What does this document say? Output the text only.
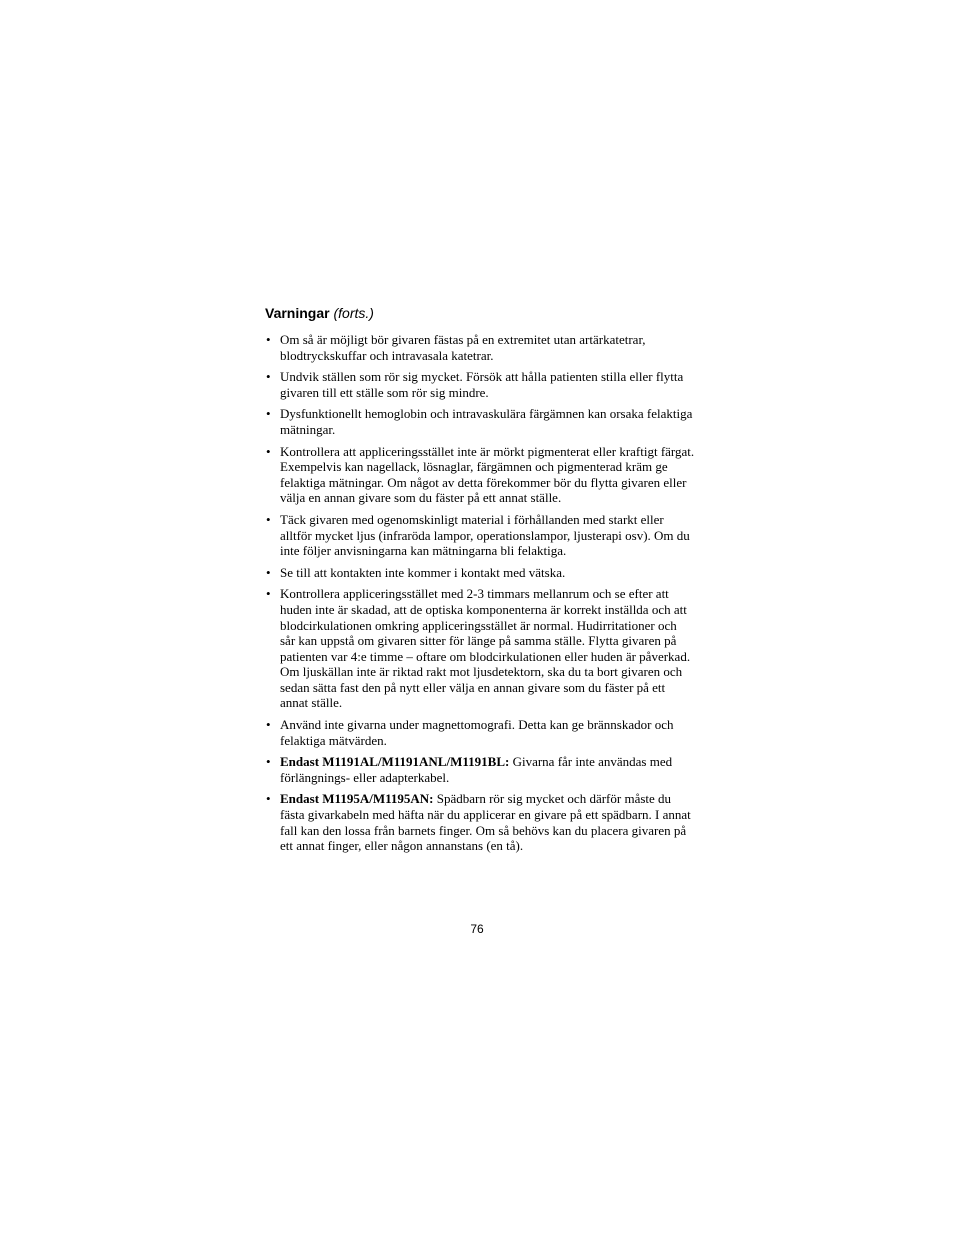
Varningar (forts.)
• Om så är möjligt bör givaren fästas på en extremitet utan artärkatetrar, blodtryckskuffar och intravasala katetrar.
• Undvik ställen som rör sig mycket. Försök att hålla patienten stilla eller flytta givaren till ett ställe som rör sig mindre.
• Dysfunktionellt hemoglobin och intravaskulära färgämnen kan orsaka felaktiga mätningar.
• Kontrollera att appliceringsstället inte är mörkt pigmenterat eller kraftigt färgat. Exempelvis kan nagellack, lösnaglar, färgämnen och pigmenterad kräm ge felaktiga mätningar. Om något av detta förekommer bör du flytta givaren eller välja en annan givare som du fäster på ett annat ställe.
• Täck givaren med ogenomskinligt material i förhållanden med starkt eller alltför mycket ljus (infraröda lampor, operationslampor, ljusterapi osv). Om du inte följer anvisningarna kan mätningarna bli felaktiga.
• Se till att kontakten inte kommer i kontakt med vätska.
• Kontrollera appliceringsstället med 2-3 timmars mellanrum och se efter att huden inte är skadad, att de optiska komponenterna är korrekt inställda och att blodcirkulationen omkring appliceringsstället är normal. Hudirritationer och sår kan uppstå om givaren sitter för länge på samma ställe. Flytta givaren på patienten var 4:e timme – oftare om blodcirkulationen eller huden är påverkad. Om ljuskällan inte är riktad rakt mot ljusdetektorn, ska du ta bort givaren och sedan sätta fast den på nytt eller välja en annan givare som du fäster på ett annat ställe.
• Använd inte givarna under magnettomografi. Detta kan ge brännskador och felaktiga mätvärden.
• Endast M1191AL/M1191ANL/M1191BL: Givarna får inte användas med förlängnings- eller adapterkabel.
• Endast M1195A/M1195AN: Spädbarn rör sig mycket och därför måste du fästa givarkabeln med häfta när du applicerar en givare på ett spädbarn. I annat fall kan den lossa från barnets finger. Om så behövs kan du placera givaren på ett annat finger, eller någon annanstans (en tå).
76
